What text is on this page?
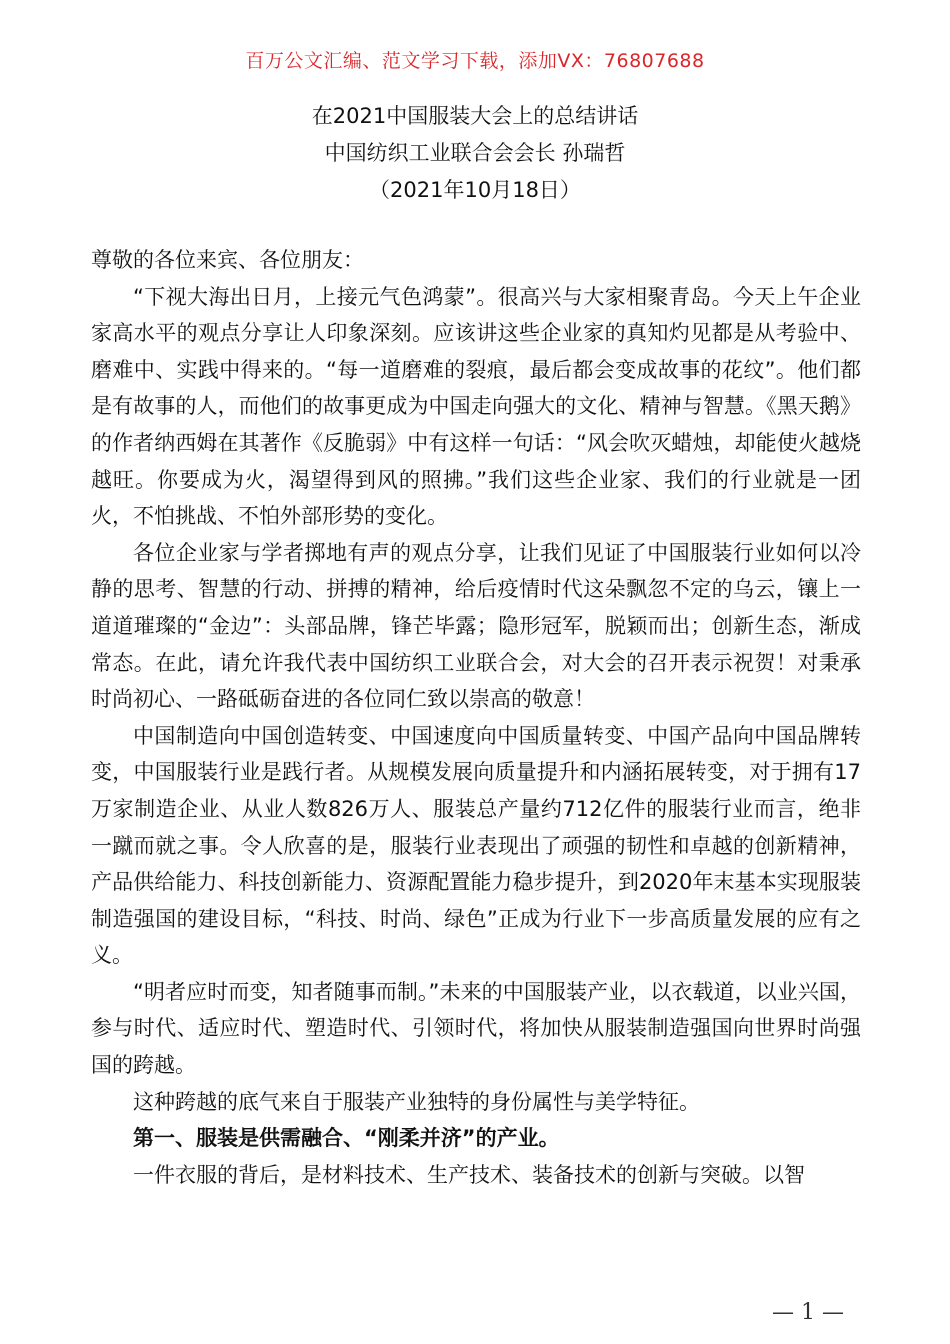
百万公文汇编、范文学习下载，添加VX：76807688
在2021中国服装大会上的总结讲话
中国纺织工业联合会会长 孙瑞哲
（2021年10月18日）

尊敬的各位来宾、各位朋友：

“下视大海出日月，上接元气色鸿蒙”。很高兴与大家相聚青岛。今天上午企业家高水平的观点分享让人印象深刻。应该讲这些企业家的真知灼见都是从考验中、磨难中、实践中得来的。“每一道磨难的裂痕，最后都会变成故事的花纹”。他们都是有故事的人，而他们的故事更成为中国走向强大的文化、精神与智慧。《黑天鹅》的作者纳西姆在其著作《反脆弱》中有这样一句话：“风会吹灭蜡烛，却能使火越烧越旺。你要成为火，渴望得到风的照拂。”我们这些企业家、我们的行业就是一团火，不怕挑战、不怕外部形势的变化。

各位企业家与学者掷地有声的观点分享，让我们见证了中国服装行业如何以冷静的思考、智慧的行动、拼搏的精神，给后疫情时代这朵飘忽不定的乌云，镶上一道道璀璨的“金边”：头部品牌，锋芒毕露；隐形冠军，脱颖而出；创新生态，渐成常态。在此，请允许我代表中国纺织工业联合会，对大会的召开表示祝贺！对秉承时尚初心、一路砥砺奋进的各位同仁致以崇高的敬意！

中国制造向中国创造转变、中国速度向中国质量转变、中国产品向中国品牌转变，中国服装行业是践行者。从规模发展向质量提升和内涵拓展转变，对于拥有17万家制造企业、从业人数826万人、服装总产量约712亿件的服装行业而言，绝非一蹴而就之事。令人欣喜的是，服装行业表现出了顽强的韧性和卓越的创新精神，产品供给能力、科技创新能力、资源配置能力稳步提升，到2020年末基本实现服装制造强国的建设目标，“科技、时尚、绿色”正成为行业下一步高质量发展的应有之义。

“明者应时而变，知者随事而制。”未来的中国服装产业，以衣载道，以业兴国，参与时代、适应时代、塑造时代、引领时代，将加快从服装制造强国向世界时尚强国的跨越。

这种跨越的底气来自于服装产业独特的身份属性与美学特征。

第一、服装是供需融合、“刚柔并济”的产业。

一件衣服的背后，是材料技术、生产技术、装备技术的创新与突破。以智

— 1 —
